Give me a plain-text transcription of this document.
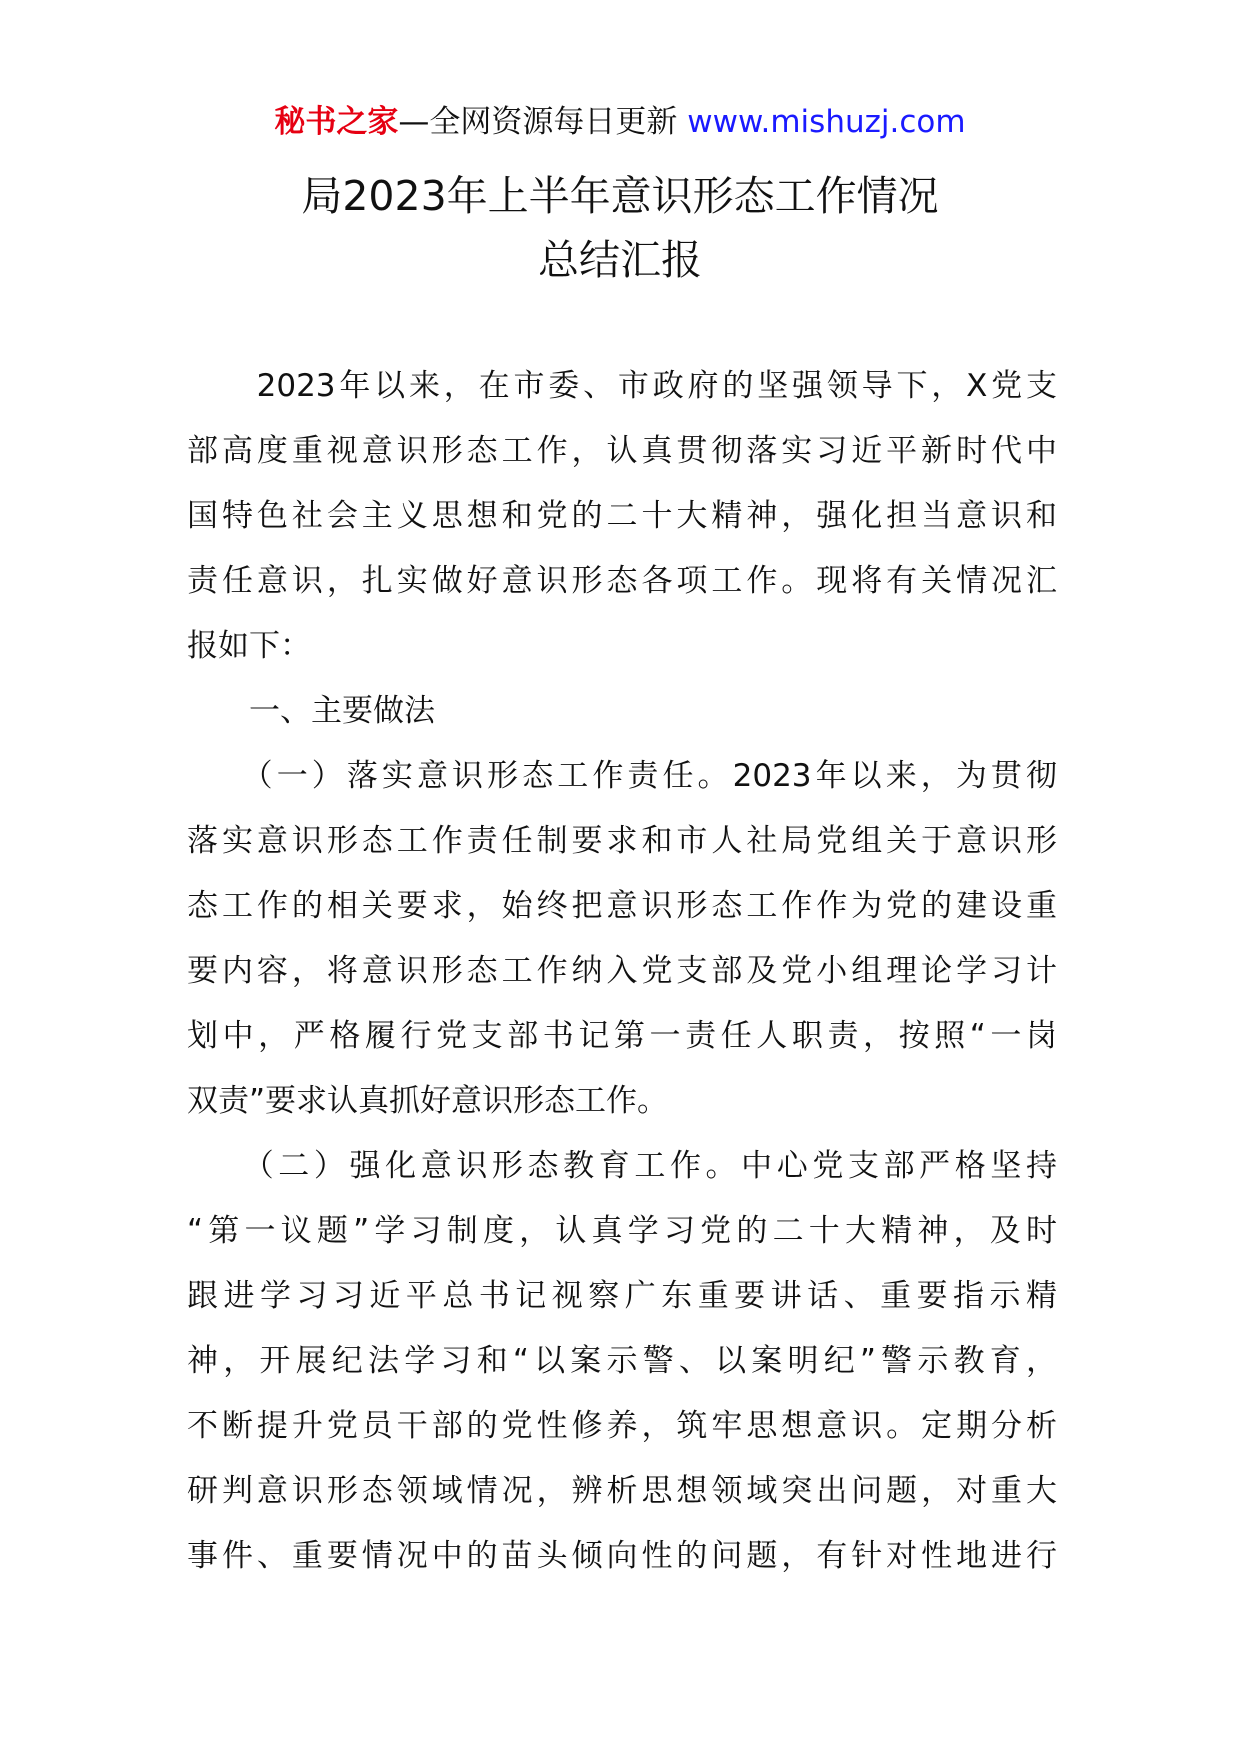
秘书之家—全网资源每日更新 www.mishuzj.com
局2023年上半年意识形态工作情况
总结汇报
　　2023年以来，在市委、市政府的坚强领导下，X党支
部高度重视意识形态工作，认真贯彻落实习近平新时代中
国特色社会主义思想和党的二十大精神，强化担当意识和
责任意识，扎实做好意识形态各项工作。现将有关情况汇
报如下：
　　一、主要做法
　　（一）落实意识形态工作责任。2023年以来，为贯彻
落实意识形态工作责任制要求和市人社局党组关于意识形
态工作的相关要求，始终把意识形态工作作为党的建设重
要内容，将意识形态工作纳入党支部及党小组理论学习计
划中，严格履行党支部书记第一责任人职责，按照“一岗
双责”要求认真抓好意识形态工作。
　　（二）强化意识形态教育工作。中心党支部严格坚持
“第一议题”学习制度，认真学习党的二十大精神，及时
跟进学习习近平总书记视察广东重要讲话、重要指示精
神，开展纪法学习和“以案示警、以案明纪”警示教育，
不断提升党员干部的党性修养，筑牢思想意识。定期分析
研判意识形态领域情况，辨析思想领域突出问题，对重大
事件、重要情况中的苗头倾向性的问题，有针对性地进行
